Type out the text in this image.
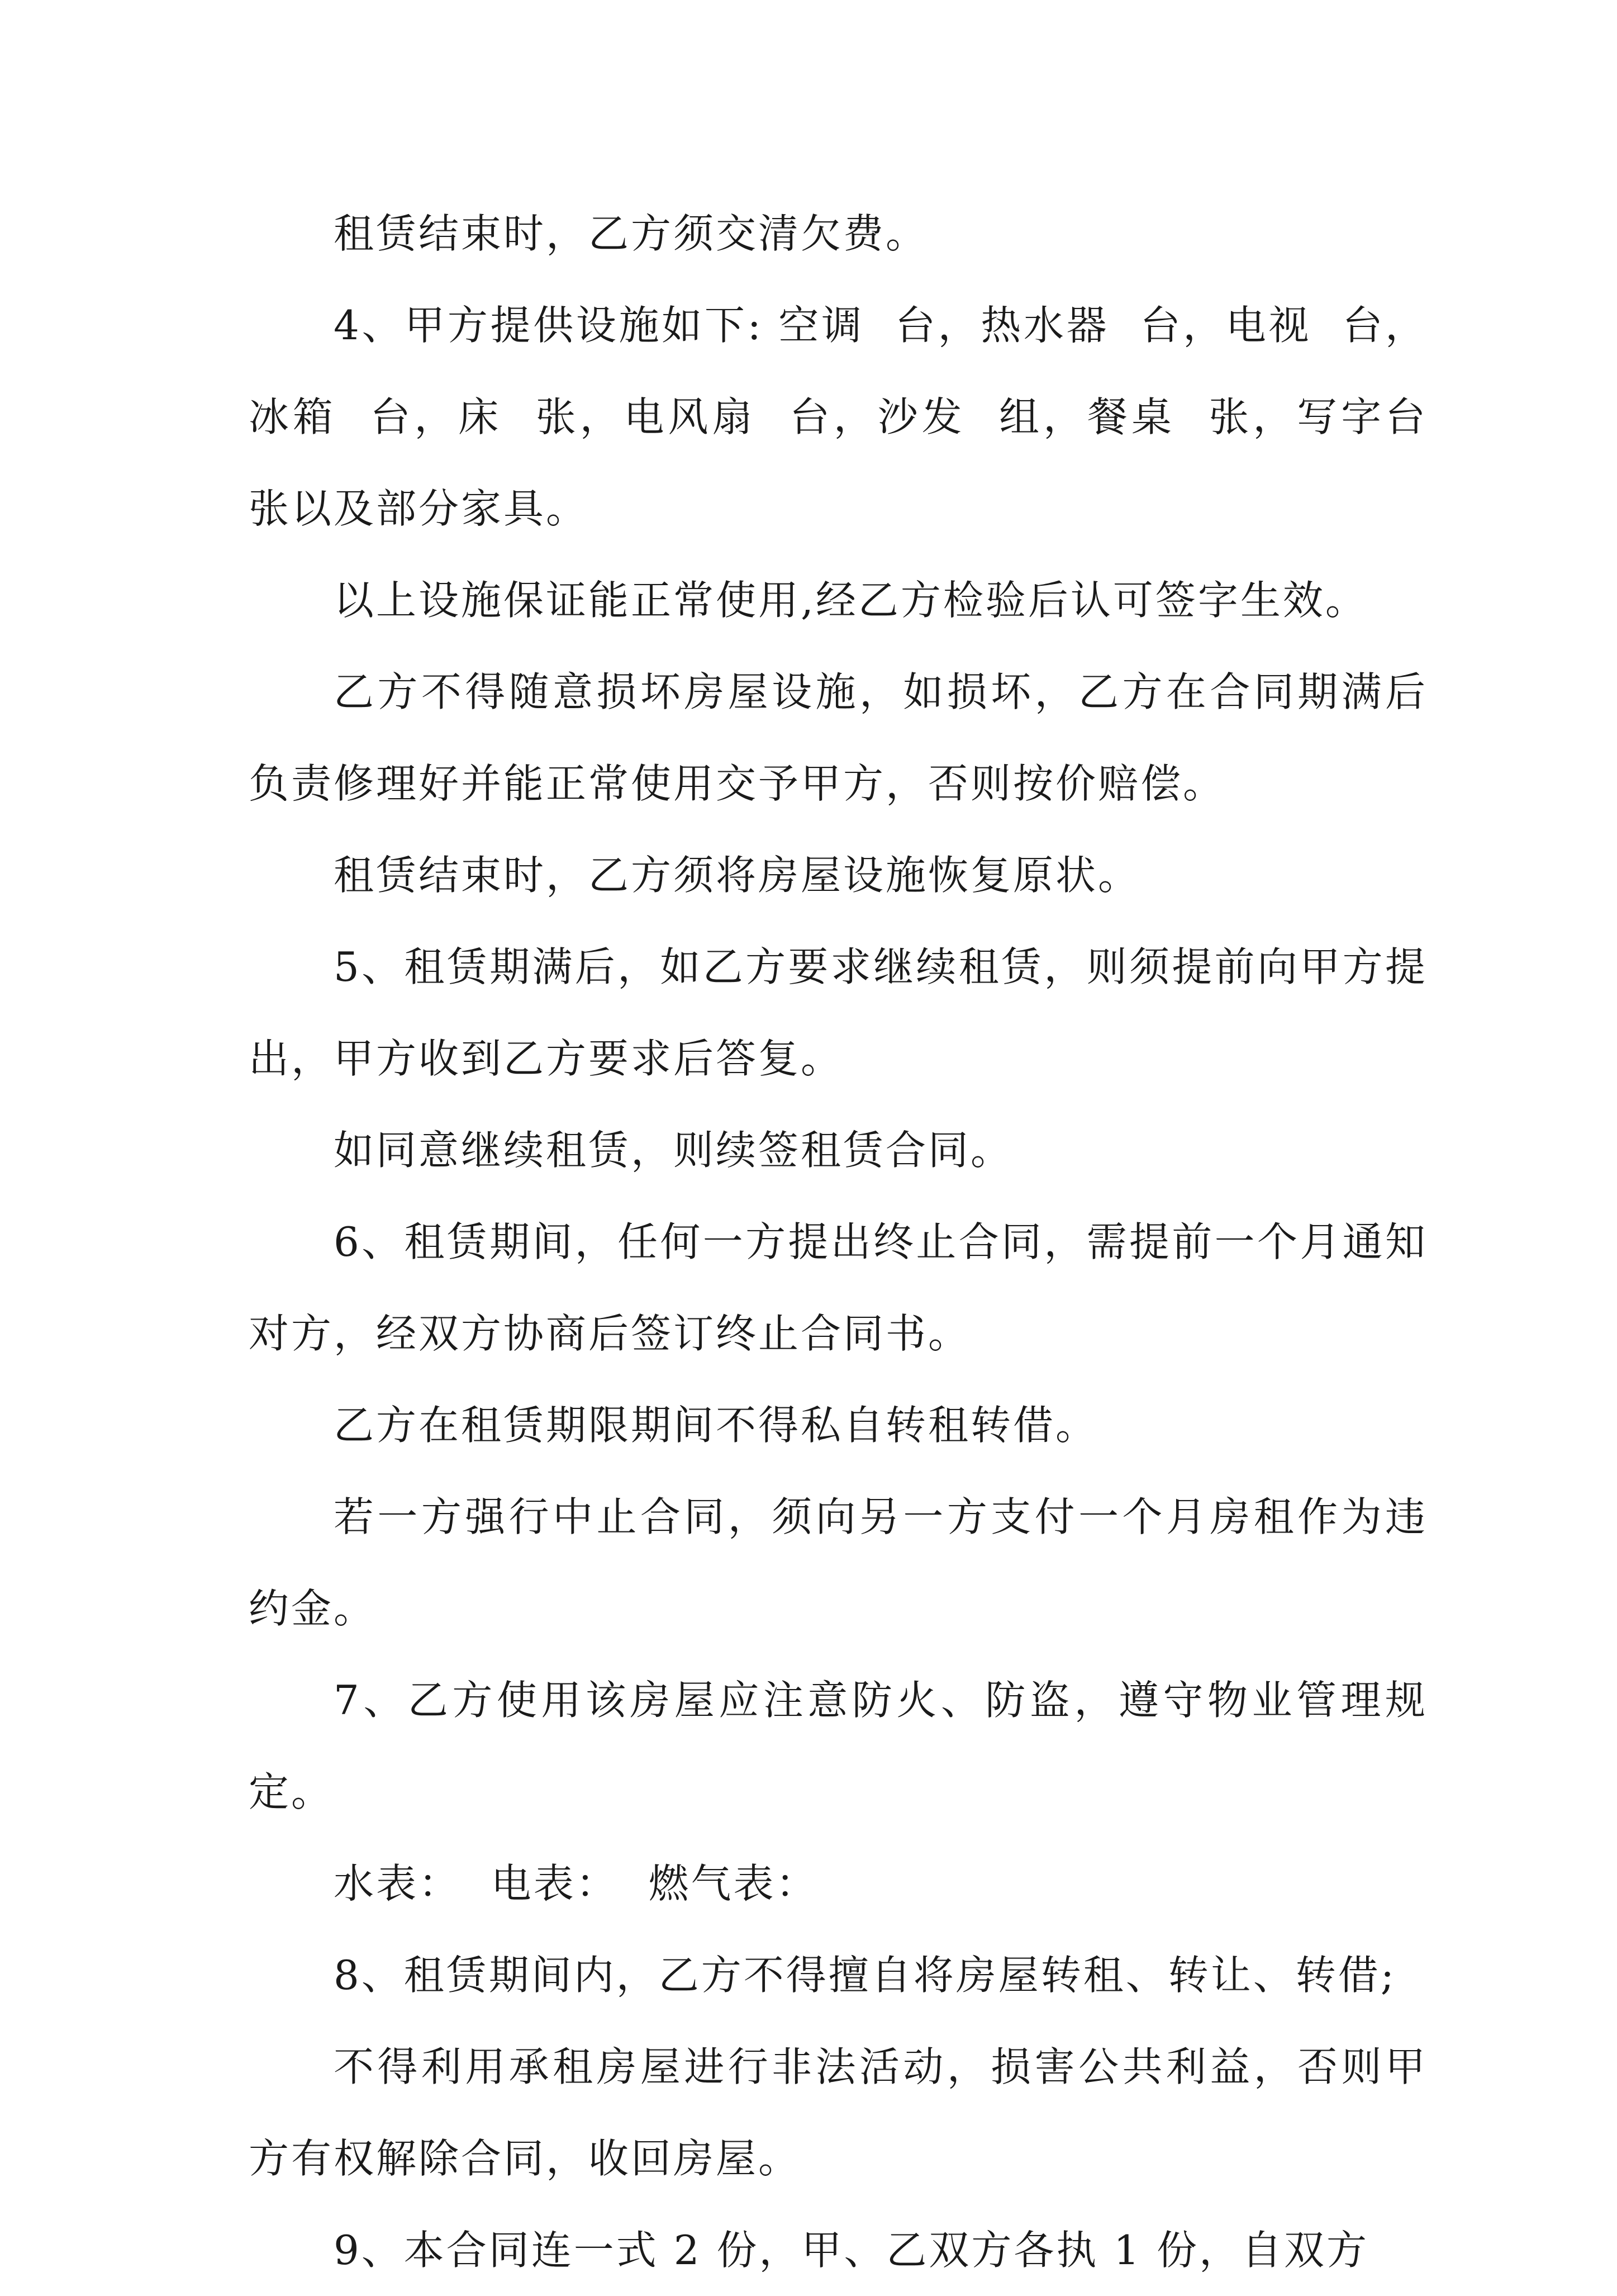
租赁结束时，乙方须交清欠费。

4、甲方提供设施如下: 空调  台，热水器  台，电视  台，冰箱  台，床  张，电风扇  台，沙发  组，餐桌  张，写字台  张以及部分家具。

以上设施保证能正常使用,经乙方检验后认可签字生效。

乙方不得随意损坏房屋设施，如损坏，乙方在合同期满后负责修理好并能正常使用交予甲方，否则按价赔偿。

租赁结束时，乙方须将房屋设施恢复原状。

5、租赁期满后，如乙方要求继续租赁，则须提前向甲方提出，甲方收到乙方要求后答复。

如同意继续租赁，则续签租赁合同。

6、租赁期间，任何一方提出终止合同，需提前一个月通知对方，经双方协商后签订终止合同书。

乙方在租赁期限期间不得私自转租转借。

若一方强行中止合同，须向另一方支付一个月房租作为违约金。

7、乙方使用该房屋应注意防火、防盗，遵守物业管理规定。

水表：  电表：  燃气表：

8、租赁期间内，乙方不得擅自将房屋转租、转让、转借;

不得利用承租房屋进行非法活动，损害公共利益，否则甲方有权解除合同，收回房屋。

9、本合同连一式 2 份，甲、乙双方各执 1 份，自双方
